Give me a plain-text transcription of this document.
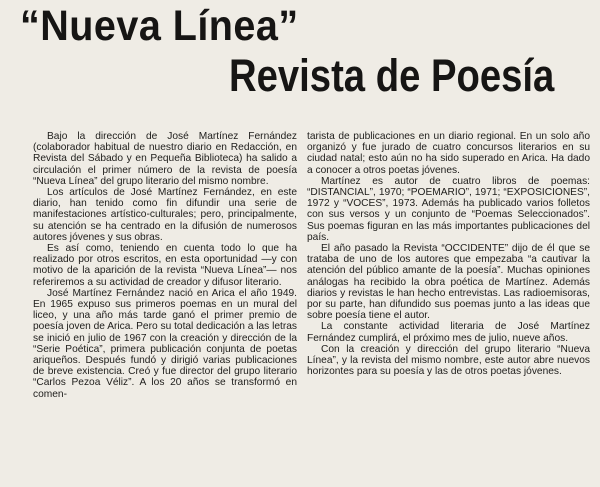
“Nueva Línea”
Revista de Poesía

Bajo la dirección de José Martínez Fernández (colaborador habitual de nuestro diario en Redacción, en Revista del Sábado y en Pequeña Biblioteca) ha salido a circulación el primer número de la revista de poesía “Nueva Línea” del grupo literario del mismo nombre.

Los artículos de José Martínez Fernández, en este diario, han tenido como fin difundir una serie de manifestaciones artístico-culturales; pero, principalmente, su atención se ha centrado en la difusión de numerosos autores jóvenes y sus obras.

Es así como, teniendo en cuenta todo lo que ha realizado por otros escritos, en esta oportunidad —y con motivo de la aparición de la revista “Nueva Línea”— nos referiremos a su actividad de creador y difusor literario.

José Martínez Fernández nació en Arica el año 1949. En 1965 expuso sus primeros poemas en un mural del liceo, y una año más tarde ganó el primer premio de poesía joven de Arica. Pero su total dedicación a las letras se inició en julio de 1967 con la creación y dirección de la “Serie Poética”, primera publicación conjunta de poetas ariqueños. Después fundó y dirigió varias publicaciones de breve existencia. Creó y fue director del grupo literario “Carlos Pezoa Véliz”. A los 20 años se transformó en comen-

tarista de publicaciones en un diario regional. En un solo año organizó y fue jurado de cuatro concursos literarios en su ciudad natal; esto aún no ha sido superado en Arica. Ha dado a conocer a otros poetas jóvenes.

Martínez es autor de cuatro libros de poemas: “DISTANCIAL”, 1970; “POEMARIO”, 1971; “EXPOSICIONES”, 1972 y “VOCES”, 1973. Además ha publicado varios folletos con sus versos y un conjunto de “Poemas Seleccionados”. Sus poemas figuran en las más importantes publicaciones del país.

El año pasado la Revista “OCCIDENTE” dijo de él que se trataba de uno de los autores que empezaba “a cautivar la atención del público amante de la poesía”. Muchas opiniones análogas ha recibido la obra poética de Martínez. Además diarios y revistas le han hecho entrevistas. Las radioemisoras, por su parte, han difundido sus poemas junto a las ideas que sobre poesía tiene el autor.

La constante actividad literaria de José Martínez Fernández cumplirá, el próximo mes de julio, nueve años.

Con la creación y dirección del grupo literario “Nueva Línea”, y la revista del mismo nombre, este autor abre nuevos horizontes para su poesía y las de otros poetas jóvenes.
